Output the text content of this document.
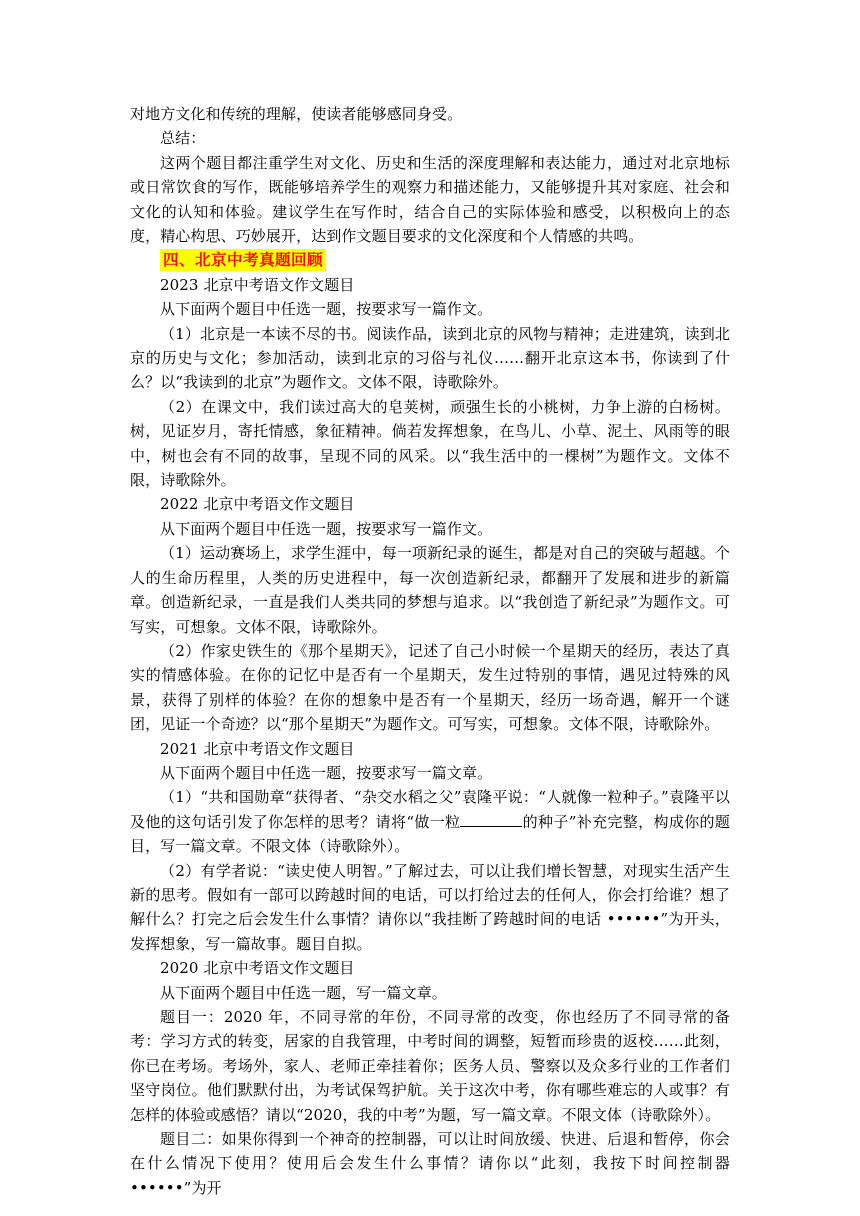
对地方文化和传统的理解，使读者能够感同身受。

总结：

这两个题目都注重学生对文化、历史和生活的深度理解和表达能力，通过对北京地标或日常饮食的写作，既能够培养学生的观察力和描述能力，又能够提升其对家庭、社会和文化的认知和体验。建议学生在写作时，结合自己的实际体验和感受，以积极向上的态度，精心构思、巧妙展开，达到作文题目要求的文化深度和个人情感的共鸣。

四、北京中考真题回顾

2023 北京中考语文作文题目

从下面两个题目中任选一题，按要求写一篇作文。

（1）北京是一本读不尽的书。阅读作品，读到北京的风物与精神；走进建筑，读到北京的历史与文化；参加活动，读到北京的习俗与礼仪……翻开北京这本书，你读到了什么？以“我读到的北京”为题作文。文体不限，诗歌除外。

（2）在课文中，我们读过高大的皂荚树，顽强生长的小桃树，力争上游的白杨树。树，见证岁月，寄托情感，象征精神。倘若发挥想象，在鸟儿、小草、泥土、风雨等的眼中，树也会有不同的故事，呈现不同的风采。以“我生活中的一棵树”为题作文。文体不限，诗歌除外。

2022 北京中考语文作文题目

从下面两个题目中任选一题，按要求写一篇作文。

（1）运动赛场上，求学生涯中，每一项新纪录的诞生，都是对自己的突破与超越。个人的生命历程里，人类的历史进程中，每一次创造新纪录，都翻开了发展和进步的新篇章。创造新纪录，一直是我们人类共同的梦想与追求。以“我创造了新纪录”为题作文。可写实，可想象。文体不限，诗歌除外。

（2）作家史铁生的《那个星期天》，记述了自己小时候一个星期天的经历，表达了真实的情感体验。在你的记忆中是否有一个星期天，发生过特别的事情，遇见过特殊的风景，获得了别样的体验？在你的想象中是否有一个星期天，经历一场奇遇，解开一个谜团，见证一个奇迹？以“那个星期天”为题作文。可写实，可想象。文体不限，诗歌除外。

2021 北京中考语文作文题目

从下面两个题目中任选一题，按要求写一篇文章。

（1）“共和国勋章“获得者、“杂交水稻之父”袁隆平说：“人就像一粒种子。”袁隆平以及他的这句话引发了你怎样的思考？请将“做一粒	的种子”补充完整，构成你的题目，写一篇文章。不限文体（诗歌除外）。

（2）有学者说：“读史使人明智。”了解过去，可以让我们增长智慧，对现实生活产生新的思考。假如有一部可以跨越时间的电话，可以打给过去的任何人，你会打给谁？想了解什么？打完之后会发生什么事情？请你以“我挂断了跨越时间的电话 ••••••”为开头，发挥想象，写一篇故事。题目自拟。

2020 北京中考语文作文题目

从下面两个题目中任选一题，写一篇文章。

题目一：2020 年，不同寻常的年份，不同寻常的改变，你也经历了不同寻常的备考：学习方式的转变，居家的自我管理，中考时间的调整，短暂而珍贵的返校……此刻，你已在考场。考场外，家人、老师正牵挂着你；医务人员、警察以及众多行业的工作者们坚守岗位。他们默默付出，为考试保驾护航。关于这次中考，你有哪些难忘的人或事？有怎样的体验或感悟？请以“2020，我的中考”为题，写一篇文章。不限文体（诗歌除外）。

题目二：如果你得到一个神奇的控制器，可以让时间放缓、快进、后退和暂停，你会在什么情况下使用？使用后会发生什么事情？请你以“此刻，我按下时间控制器 ••••••”为开
